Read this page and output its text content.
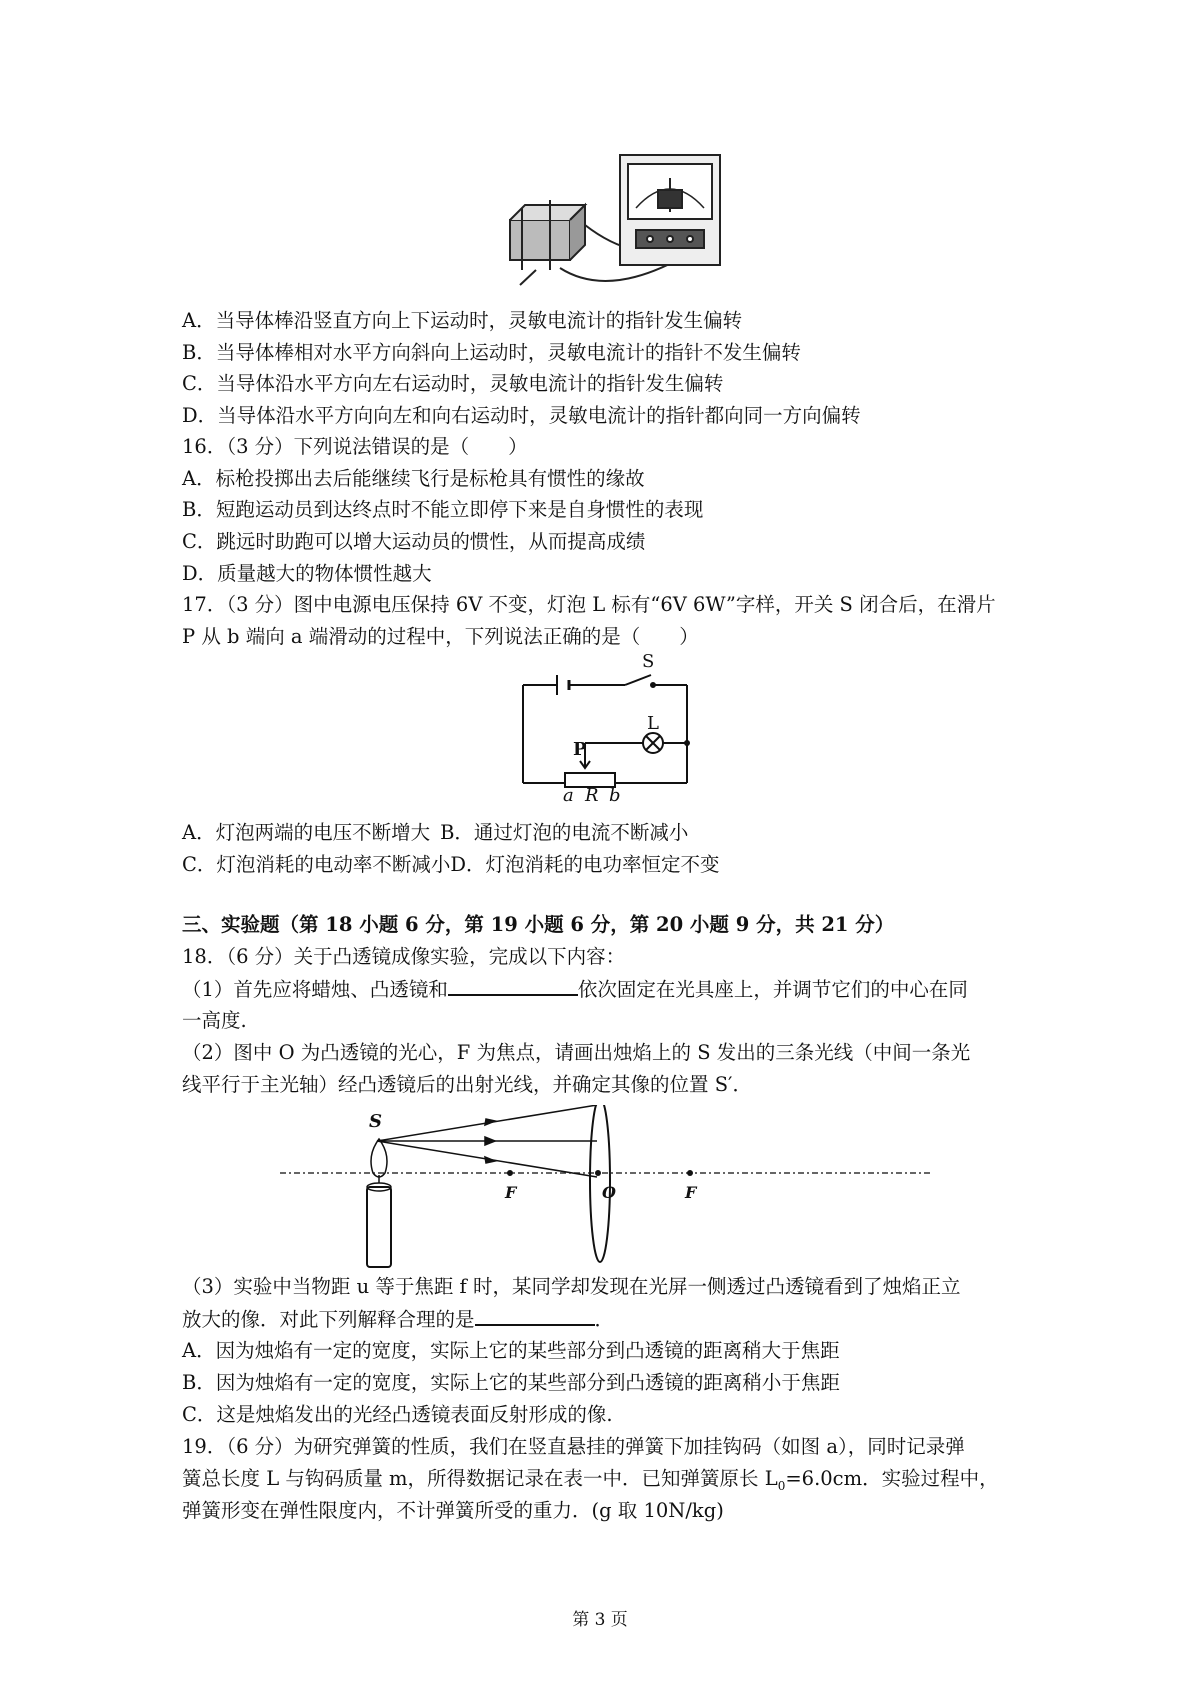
A．当导体棒沿竖直方向上下运动时，灵敏电流计的指针发生偏转
B．当导体棒相对水平方向斜向上运动时，灵敏电流计的指针不发生偏转
C．当导体沿水平方向左右运动时，灵敏电流计的指针发生偏转
D．当导体沿水平方向向左和向右运动时，灵敏电流计的指针都向同一方向偏转
16．（3 分）下列说法错误的是（　　）
A．标枪投掷出去后能继续飞行是标枪具有惯性的缘故
B．短跑运动员到达终点时不能立即停下来是自身惯性的表现
C．跳远时助跑可以增大运动员的惯性，从而提高成绩
D．质量越大的物体惯性越大
17．（3 分）图中电源电压保持 6V 不变，灯泡 L 标有“6V 6W”字样，开关 S 闭合后，在滑片
P 从 b 端向 a 端滑动的过程中，下列说法正确的是（　　）
S
L
P
a R b
A．灯泡两端的电压不断增大 B．通过灯泡的电流不断减小
C．灯泡消耗的电动率不断减小D．灯泡消耗的电功率恒定不变
三、实验题（第 18 小题 6 分，第 19 小题 6 分，第 20 小题 9 分，共 21 分）
18．（6 分）关于凸透镜成像实验，完成以下内容：
（1）首先应将蜡烛、凸透镜和	依次固定在光具座上，并调节它们的中心在同
一高度.
（2）图中 O 为凸透镜的光心，F 为焦点，请画出烛焰上的 S 发出的三条光线（中间一条光
线平行于主光轴）经凸透镜后的出射光线，并确定其像的位置 S′．
S
F	O	F
（3）实验中当物距 u 等于焦距 f 时，某同学却发现在光屏一侧透过凸透镜看到了烛焰正立
放大的像．对此下列解释合理的是	．
A．因为烛焰有一定的宽度，实际上它的某些部分到凸透镜的距离稍大于焦距
B．因为烛焰有一定的宽度，实际上它的某些部分到凸透镜的距离稍小于焦距
C．这是烛焰发出的光经凸透镜表面反射形成的像.
19．（6 分）为研究弹簧的性质，我们在竖直悬挂的弹簧下加挂钩码（如图 a），同时记录弹
簧总长度 L 与钩码质量 m，所得数据记录在表一中．已知弹簧原长 $L_0=6.0cm$．实验过程中，
弹簧形变在弹性限度内，不计弹簧所受的重力．(g 取 10N/kg)
第 3 页
